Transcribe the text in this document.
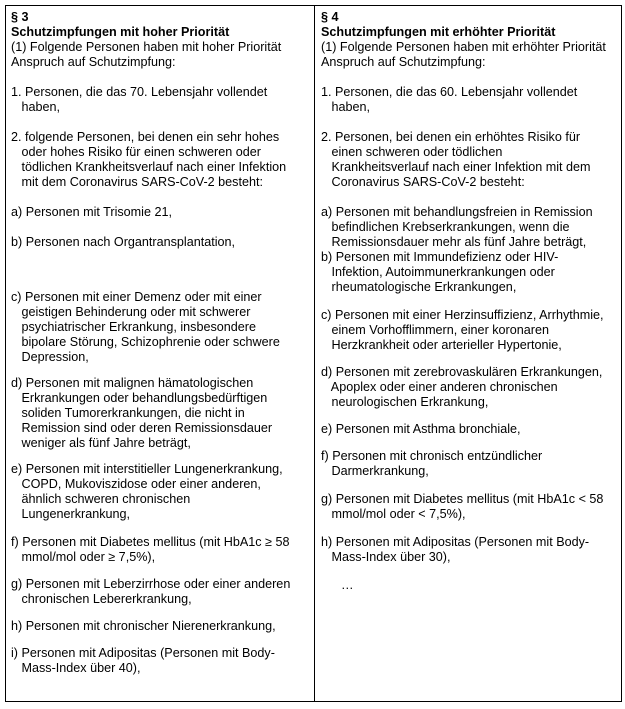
§ 3
Schutzimpfungen mit hoher Priorität
(1) Folgende Personen haben mit hoher Priorität
Anspruch auf Schutzimpfung:
1. Personen, die das 70. Lebensjahr vollendet
haben,
2. folgende Personen, bei denen ein sehr hohes
oder hohes Risiko für einen schweren oder
tödlichen Krankheitsverlauf nach einer Infektion
mit dem Coronavirus SARS-CoV-2 besteht:
a) Personen mit Trisomie 21,
b) Personen nach Organtransplantation,
c) Personen mit einer Demenz oder mit einer
geistigen Behinderung oder mit schwerer
psychiatrischer Erkrankung, insbesondere
bipolare Störung, Schizophrenie oder schwere
Depression,
d) Personen mit malignen hämatologischen
Erkrankungen oder behandlungsbedürftigen
soliden Tumorerkrankungen, die nicht in
Remission sind oder deren Remissionsdauer
weniger als fünf Jahre beträgt,
e) Personen mit interstitieller Lungenerkrankung,
COPD, Mukoviszidose oder einer anderen,
ähnlich schweren chronischen
Lungenerkrankung,
f) Personen mit Diabetes mellitus (mit HbA1c ≥ 58
mmol/mol oder ≥ 7,5%),
g) Personen mit Leberzirrhose oder einer anderen
chronischen Lebererkrankung,
h) Personen mit chronischer Nierenerkrankung,
i) Personen mit Adipositas (Personen mit Body-
Mass-Index über 40),
§ 4
Schutzimpfungen mit erhöhter Priorität
(1) Folgende Personen haben mit erhöhter Priorität
Anspruch auf Schutzimpfung:
1. Personen, die das 60. Lebensjahr vollendet
haben,
2. Personen, bei denen ein erhöhtes Risiko für
einen schweren oder tödlichen
Krankheitsverlauf nach einer Infektion mit dem
Coronavirus SARS-CoV-2 besteht:
a) Personen mit behandlungsfreien in Remission
befindlichen Krebserkrankungen, wenn die
Remissionsdauer mehr als fünf Jahre beträgt,
b) Personen mit Immundefizienz oder HIV-
Infektion, Autoimmunerkrankungen oder
rheumatologische Erkrankungen,
c) Personen mit einer Herzinsuffizienz, Arrhythmie,
einem Vorhofflimmern, einer koronaren
Herzkrankheit oder arterieller Hypertonie,
d) Personen mit zerebrovaskulären Erkrankungen,
Apoplex oder einer anderen chronischen
neurologischen Erkrankung,
e) Personen mit Asthma bronchiale,
f) Personen mit chronisch entzündlicher
Darmerkrankung,
g) Personen mit Diabetes mellitus (mit HbA1c < 58
mmol/mol oder < 7,5%),
h) Personen mit Adipositas (Personen mit Body-
Mass-Index über 30),
…
